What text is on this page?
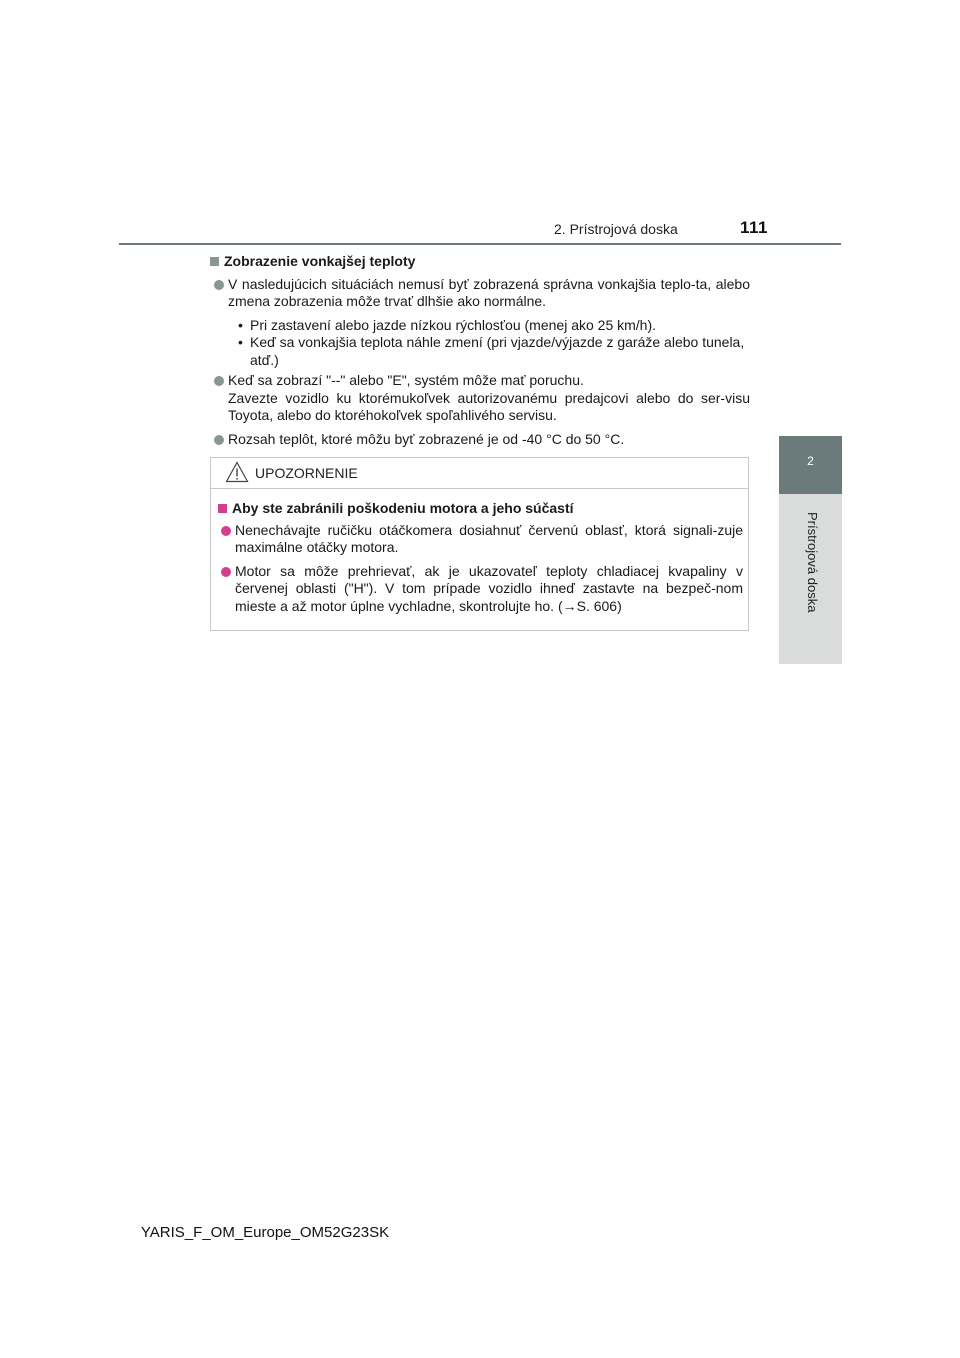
2. Prístrojová doska	111
2
Prístrojová doska
Zobrazenie vonkajšej teploty
V nasledujúcich situáciách nemusí byť zobrazená správna vonkajšia teplo-ta, alebo zmena zobrazenia môže trvať dlhšie ako normálne.
• Pri zastavení alebo jazde nízkou rýchlosťou (menej ako 25 km/h).
• Keď sa vonkajšia teplota náhle zmení (pri vjazde/výjazde z garáže alebo tunela, atď.)
Keď sa zobrazí "--" alebo "E", systém môže mať poruchu.
Zavezte vozidlo ku ktorémukoľvek autorizovanému predajcovi alebo do ser-visu Toyota, alebo do ktoréhokoľvek spoľahlivého servisu.
Rozsah teplôt, ktoré môžu byť zobrazené je od -40 °C do 50 °C.
UPOZORNENIE
Aby ste zabránili poškodeniu motora a jeho súčastí
Nenechávajte ručičku otáčkomera dosiahnuť červenú oblasť, ktorá signali-zuje maximálne otáčky motora.
Motor sa môže prehrievať, ak je ukazovateľ teploty chladiacej kvapaliny v červenej oblasti ("H"). V tom prípade vozidlo ihneď zastavte na bezpeč-nom mieste a až motor úplne vychladne, skontrolujte ho. (→S. 606)
YARIS_F_OM_Europe_OM52G23SK
